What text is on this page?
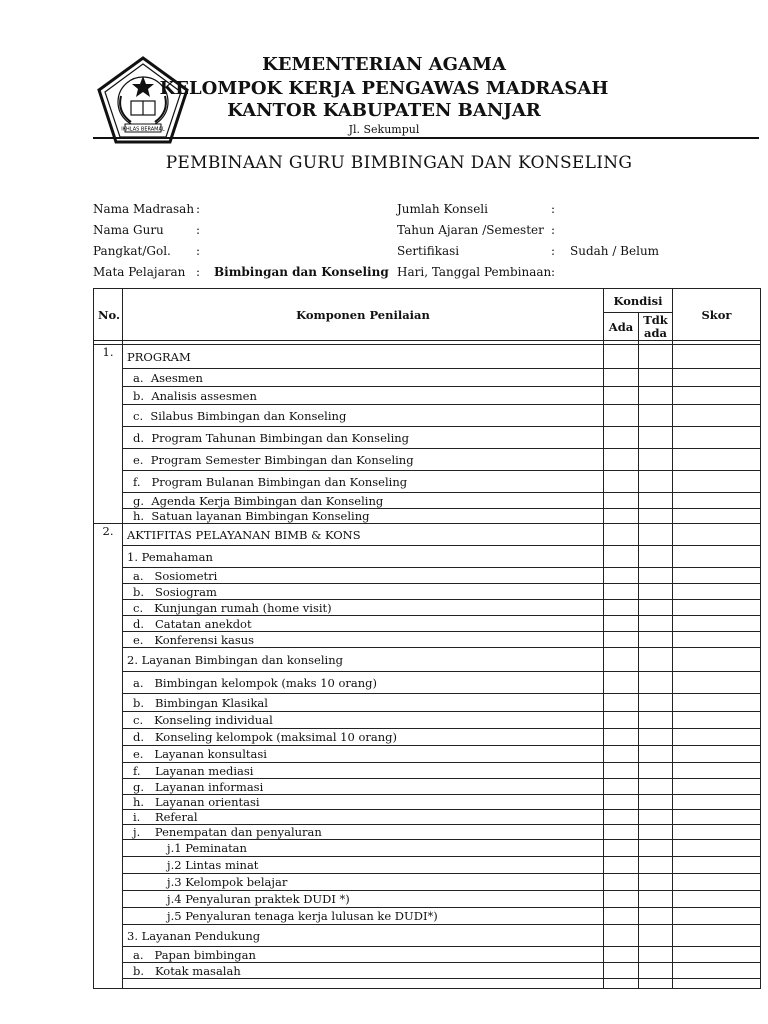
IKHLAS BERAMAL
KEMENTERIAN AGAMA
KELOMPOK KERJA PENGAWAS MADRASAH
KANTOR KABUPATEN BANJAR
Jl. Sekumpul
PEMBINAAN GURU BIMBINGAN DAN KONSELING
Nama Madrasah :
Nama Guru	:
Pangkat/Gol. :
Mata Pelajaran : Bimbingan dan Konseling
Jumlah Konseli	:
Tahun Ajaran /Semester :
Sertifikasi	: Sudah / Belum
Hari, Tanggal Pembinaan :
No.	Komponen Penilaian	Kondisi		Skor
		Ada	Tdk ada	

1.	PROGRAM			
	a.  Asesmen			
	b.  Analisis assesmen			
	c.  Silabus Bimbingan dan Konseling			
	d.  Program Tahunan Bimbingan dan Konseling			
	e.  Program Semester Bimbingan dan Konseling			
	f.   Program Bulanan Bimbingan dan Konseling			
	g.  Agenda Kerja Bimbingan dan Konseling			
	h.  Satuan layanan Bimbingan Konseling			
2.	AKTIFITAS PELAYANAN BIMB & KONS			
	1. Pemahaman			
	a.   Sosiometri			
	b.   Sosiogram			
	c.   Kunjungan rumah (home visit)			
	d.   Catatan anekdot			
	e.   Konferensi kasus			
	2. Layanan Bimbingan dan konseling			
	a.   Bimbingan kelompok (maks 10 orang)			
	b.   Bimbingan Klasikal			
	c.   Konseling individual			
	d.   Konseling kelompok (maksimal 10 orang)			
	e.   Layanan konsultasi			
	f.    Layanan mediasi			
	g.   Layanan informasi			
	h.   Layanan orientasi			
	i.    Referal			
	j.    Penempatan dan penyaluran			
	j.1 Peminatan			
	j.2 Lintas minat			
	j.3 Kelompok belajar			
	j.4 Penyaluran praktek DUDI *)			
	j.5 Penyaluran tenaga kerja lulusan ke DUDI*)			
	3. Layanan Pendukung			
	a.   Papan bimbingan			
	b.   Kotak masalah			
